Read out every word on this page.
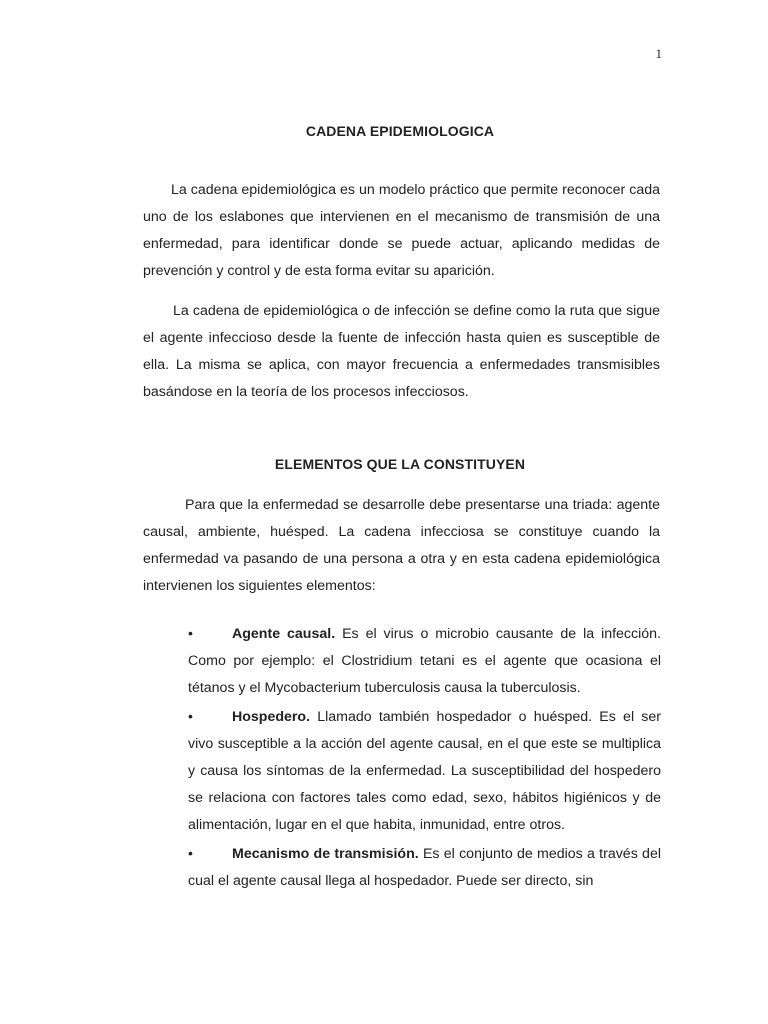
1
CADENA EPIDEMIOLOGICA

La cadena epidemiológica es un modelo práctico que permite reconocer cada uno de los eslabones que intervienen en el mecanismo de transmisión de una enfermedad, para identificar donde se puede actuar, aplicando medidas de prevención y control y de esta forma evitar su aparición.

La cadena de epidemiológica o de infección se define como la ruta que sigue el agente infeccioso desde la fuente de infección hasta quien es susceptible de ella. La misma se aplica, con mayor frecuencia a enfermedades transmisibles basándose en la teoría de los procesos infecciosos.

ELEMENTOS QUE LA CONSTITUYEN

Para que la enfermedad se desarrolle debe presentarse una triada: agente causal, ambiente, huésped. La cadena infecciosa se constituye cuando la enfermedad va pasando de una persona a otra y en esta cadena epidemiológica intervienen los siguientes elementos:

•	Agente causal. Es el virus o microbio causante de la infección. Como por ejemplo: el Clostridium tetani es el agente que ocasiona el tétanos y el Mycobacterium tuberculosis causa la tuberculosis.
•	Hospedero. Llamado también hospedador o huésped. Es el ser vivo susceptible a la acción del agente causal, en el que este se multiplica y causa los síntomas de la enfermedad. La susceptibilidad del hospedero se relaciona con factores tales como edad, sexo, hábitos higiénicos y de alimentación, lugar en el que habita, inmunidad, entre otros.
•	Mecanismo de transmisión. Es el conjunto de medios a través del cual el agente causal llega al hospedador. Puede ser directo, sin
